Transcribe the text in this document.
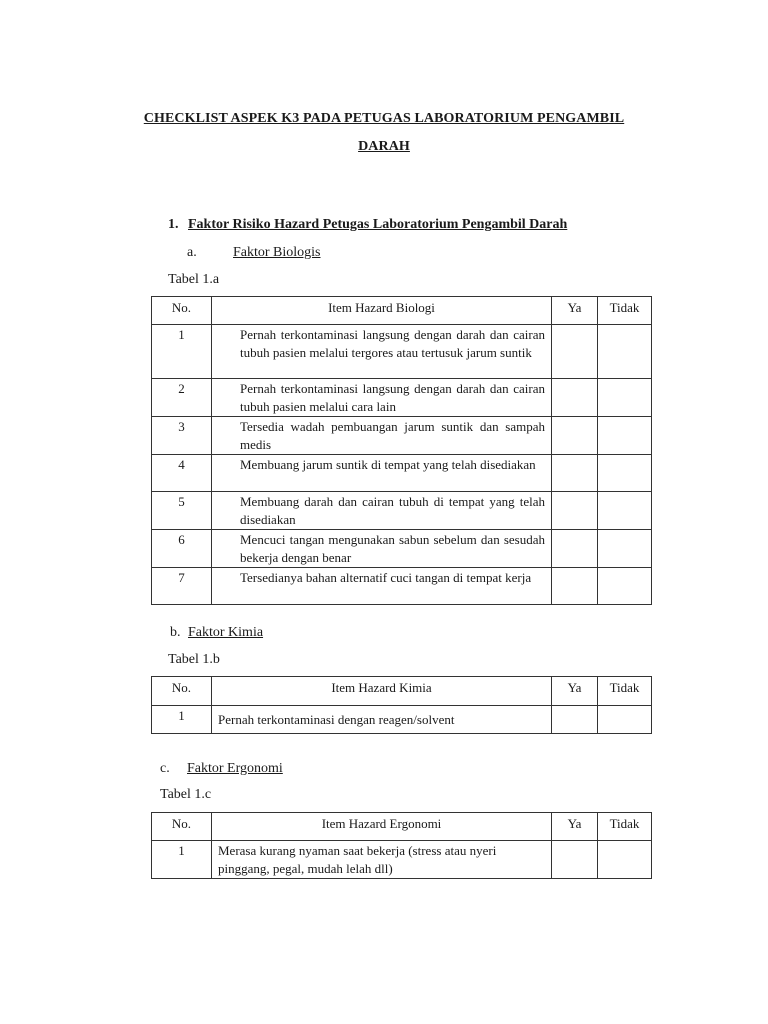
CHECKLIST ASPEK K3 PADA PETUGAS LABORATORIUM PENGAMBIL
DARAH
1. Faktor Risiko Hazard Petugas Laboratorium Pengambil Darah
a.	Faktor Biologis
Tabel 1.a
No.	Item Hazard Biologi	Ya	Tidak
1	Pernah terkontaminasi langsung dengan darah dan cairan tubuh pasien melalui tergores atau tertusuk jarum suntik		
2	Pernah terkontaminasi langsung dengan darah dan cairan tubuh pasien melalui cara lain		
3	Tersedia wadah pembuangan jarum suntik dan sampah medis		
4	Membuang jarum suntik di tempat yang telah disediakan		
5	Membuang darah dan cairan tubuh di tempat yang telah disediakan		
6	Mencuci tangan mengunakan sabun sebelum dan sesudah bekerja dengan benar		
7	Tersedianya bahan alternatif cuci tangan di tempat kerja		
b. Faktor Kimia
Tabel 1.b
No.	Item Hazard Kimia	Ya	Tidak
1	Pernah terkontaminasi dengan reagen/solvent		
c. Faktor Ergonomi
Tabel 1.c
No.	Item Hazard Ergonomi	Ya	Tidak
1	Merasa kurang nyaman saat bekerja (stress atau nyeri pinggang, pegal, mudah lelah dll)		
